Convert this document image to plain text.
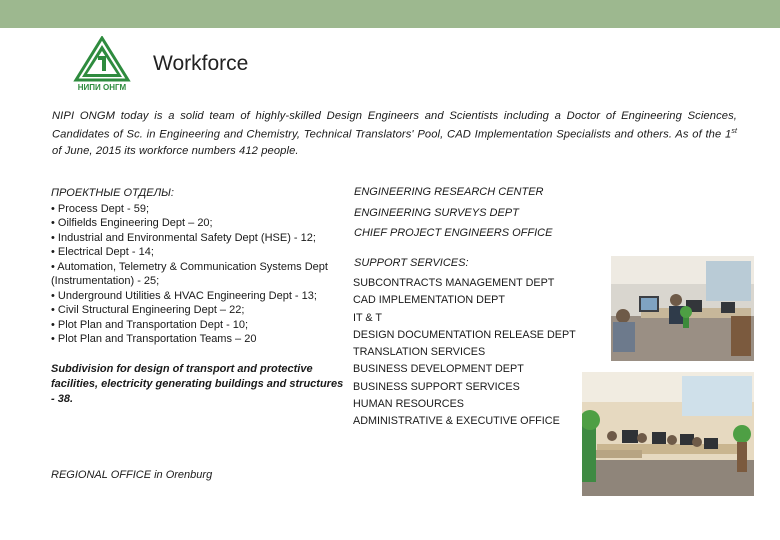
НИПИ ОНГМ
Workforce
NIPI ONGM today is a solid team of highly-skilled Design Engineers and Scientists including a Doctor of Engineering Sciences, Candidates of Sc. in Engineering and Chemistry, Technical Translators' Pool, CAD Implementation Specialists and others. As of the 1st of June, 2015 its workforce numbers 412 people.
ПРОЕКТНЫЕ ОТДЕЛЫ:
• Process Dept - 59;
• Oilfields Engineering Dept – 20;
• Industrial and Environmental Safety Dept (HSE) - 12;
• Electrical Dept - 14;
• Automation, Telemetry & Communication Systems Dept (Instrumentation) - 25;
• Underground Utilities & HVAC Engineering Dept - 13;
• Civil Structural Engineering Dept – 22;
• Plot Plan and Transportation Dept - 10;
• Plot Plan and Transportation Teams – 20
Subdivision for design of transport and protective facilities, electricity generating buildings and structures - 38.
REGIONAL OFFICE in Orenburg
ENGINEERING RESEARCH CENTER
ENGINEERING SURVEYS DEPT
CHIEF PROJECT ENGINEERS OFFICE
SUPPORT SERVICES:
SUBCONTRACTS MANAGEMENT DEPT
CAD IMPLEMENTATION DEPT
IT & T
DESIGN DOCUMENTATION RELEASE DEPT
TRANSLATION SERVICES
BUSINESS DEVELOPMENT DEPT
BUSINESS SUPPORT SERVICES
HUMAN RESOURCES
ADMINISTRATIVE & EXECUTIVE OFFICE
